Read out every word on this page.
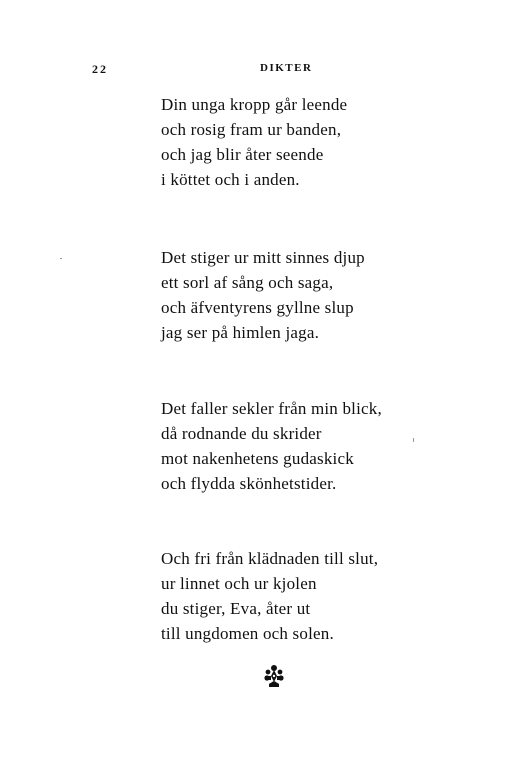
22	DIKTER
Din unga kropp går leende
och rosig fram ur banden,
och jag blir åter seende
i köttet och i anden.
Det stiger ur mitt sinnes djup
ett sorl af sång och saga,
och äfventyrens gyllne slup
jag ser på himlen jaga.
Det faller sekler från min blick,
då rodnande du skrider
mot nakenhetens gudaskick
och flydda skönhetstider.
Och fri från klädnaden till slut,
ur linnet och ur kjolen
du stiger, Eva, åter ut
till ungdomen och solen.
